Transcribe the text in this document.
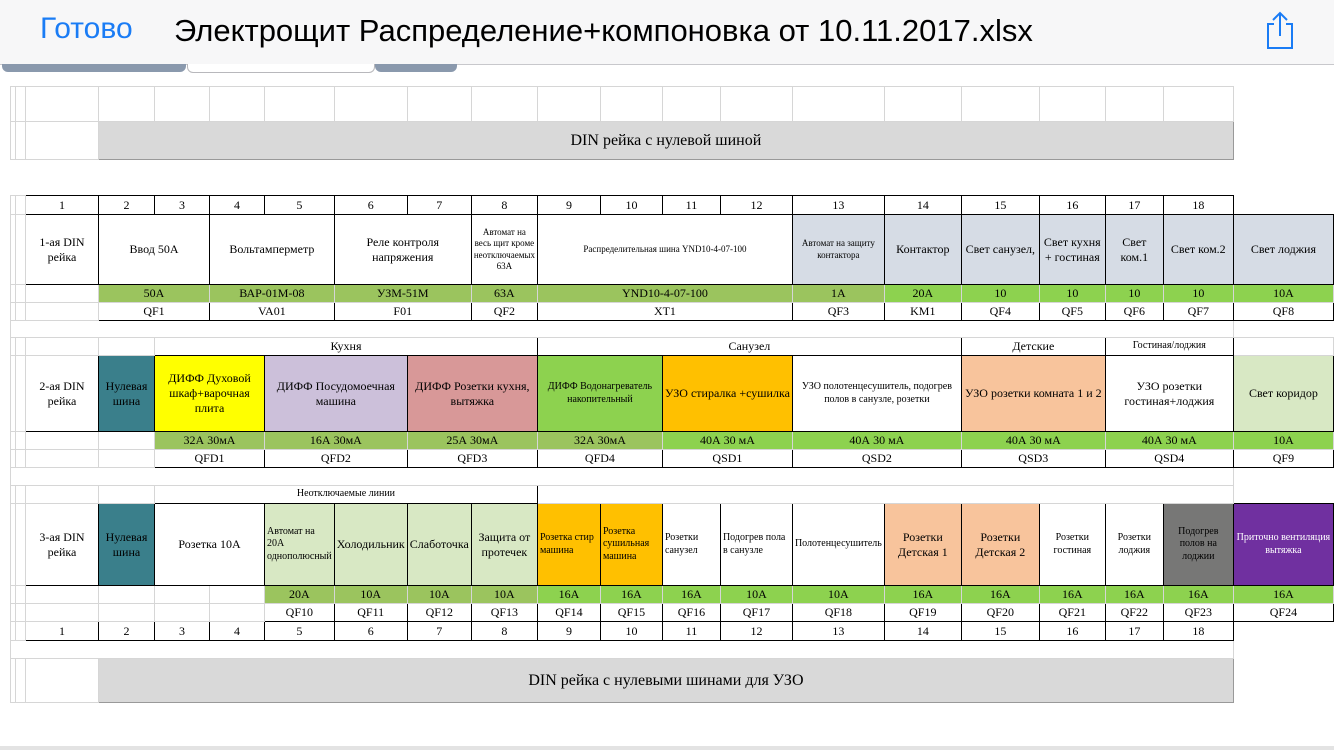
Готово Электрощит Распределение+компоновка от 10.11.2017.xlsx

			DIN рейка с нулевой шиной																	

		1	2	3	4	5	6	7	8	9	10	11	12	13	14	15	16	17	18	
		1-ая DIN рейка	Ввод 50А		Вольтамперметр		Реле контроля напряжения		Автомат на весь щит кроме неотключаемых 63А	Распределительная шина YND10-4-07-100				Автомат на защиту контактора	Контактор	Свет санузел,	Свет кухня + гостиная	Свет ком.1	Свет ком.2	Свет лоджия
			50А		ВАР-01М-08		УЗМ-51М		63А	YND10-4-07-100				1А	20А	10	10	10	10	10А
			QF1		VA01		F01		QF2	XT1				QF3	KM1	QF4	QF5	QF6	QF7	QF8

				Кухня						Санузел						Детские		Гостиная/лоджия		
		2-ая DIN рейка	Нулевая шина	ДИФФ Духовой шкаф+варочная плита		ДИФФ Посудомоечная машина		ДИФФ Розетки кухня, вытяжка		ДИФФ Водонагреватель накопительный		УЗО стиралка +сушилка		УЗО полотенцесушитель, подогрев полов в санузле, розетки		УЗО розетки комната 1 и 2		УЗО розетки гостиная+лоджия		Свет коридор
				32А 30мА		16А 30мА		25А 30мА		32А 30мА		40А 30 мА		40А 30 мА		40А 30 мА		40А 30 мА		10А
				QFD1		QFD2		QFD3		QFD4		QSD1		QSD2		QSD3		QSD4		QF9

				Неотключаемые линии																
		3-ая DIN рейка	Нулевая шина	Розетка 10А		Автомат на 20А однополюсный	Холодильник	Слаботочка	Защита от протечек	Розетка стир машина	Розетка сушильная машина	Розетки санузел	Подогрев пола в санузле	Полотенцесушитель	Розетки Детская 1	Розетки Детская 2	Розетки гостиная	Розетки лоджия	Подогрев полов на лоджии	Приточно вентиляция вытяжка
						20А	10А	10А	10А	16А	16А	16А	10А	10А	16А	16А	16А	16А	16А	16А
						QF10	QF11	QF12	QF13	QF14	QF15	QF16	QF17	QF18	QF19	QF20	QF21	QF22	QF23	QF24
		1	2	3	4	5	6	7	8	9	10	11	12	13	14	15	16	17	18	

			DIN рейка с нулевыми шинами для УЗО																	
